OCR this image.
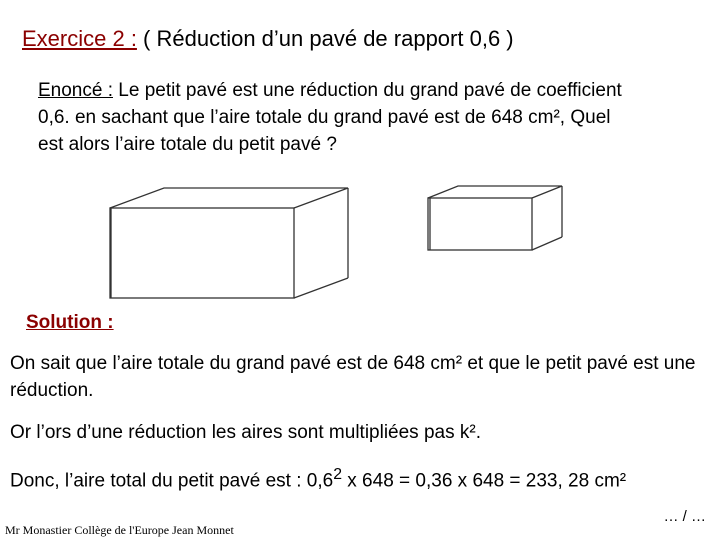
Exercice 2 : ( Réduction d’un pavé de rapport 0,6 )
Enoncé : Le petit pavé est une réduction du grand pavé de coefficient 0,6. en sachant que l’aire totale du grand pavé est de 648 cm², Quel est alors l’aire totale du petit pavé ?
Solution :
On sait que l’aire totale du grand pavé est de 648 cm² et que le petit pavé est une réduction.
Or l’ors d’une réduction les aires sont multipliées pas k².
Donc, l’aire total du petit pavé est : $0,6^2$ x 648 = 0,36 x 648 = 233, 28 cm²
Mr Monastier Collège de l'Europe Jean Monnet
… / …
